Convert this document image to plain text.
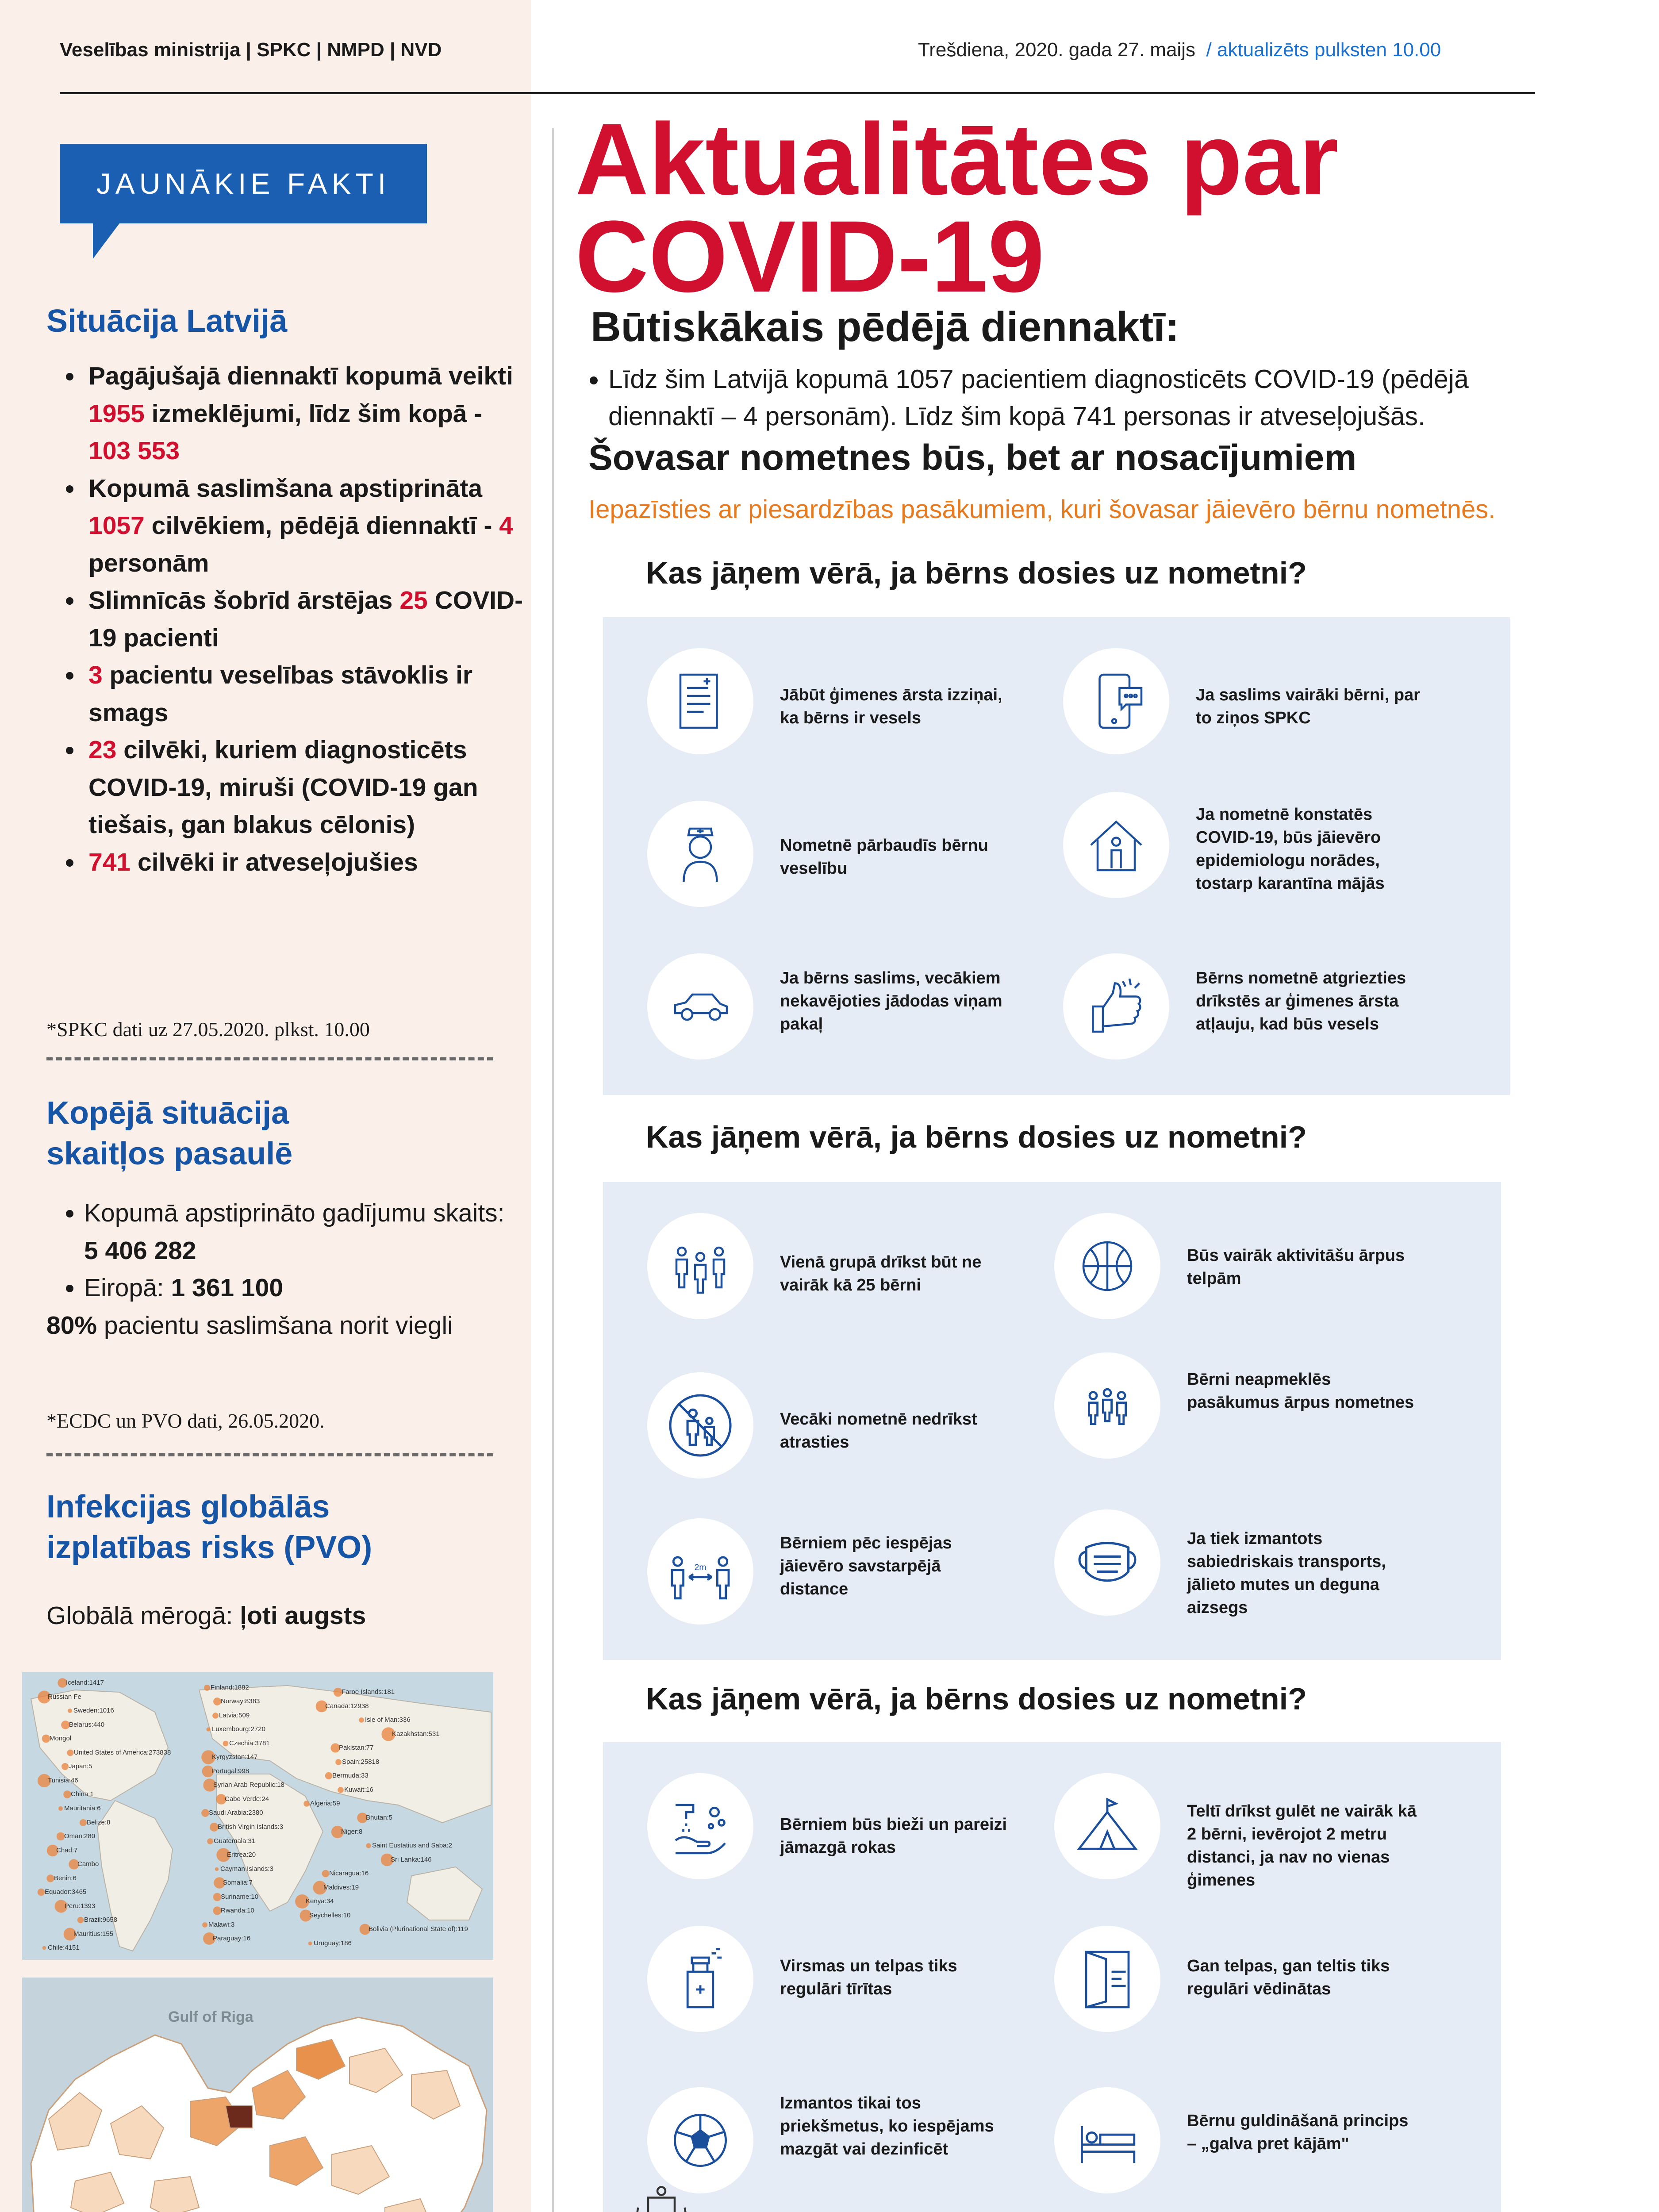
Veselības ministrija | SPKC | NMPD | NVD	Trešdiena, 2020. gada 27. maijs / aktualizēts pulksten 10.00
JAUNĀKIE FAKTI
Situācija Latvijā
• Pagājušajā diennaktī kopumā veikti 1955 izmeklējumi, līdz šim kopā - 103 553
• Kopumā saslimšana apstiprināta 1057 cilvēkiem, pēdējā diennaktī - 4 personām
• Slimnīcās šobrīd ārstējas 25 COVID-19 pacienti
• 3 pacientu veselības stāvoklis ir smags
• 23 cilvēki, kuriem diagnosticēts COVID-19, miruši (COVID-19 gan tiešais, gan blakus cēlonis)
• 741 cilvēki ir atveseļojušies
*SPKC dati uz 27.05.2020. plkst. 10.00
Kopējā situācija
skaitļos pasaulē
• Kopumā apstiprināto gadījumu skaits: 5 406 282
• Eiropā: 1 361 100
80% pacientu saslimšana norit viegli
*ECDC un PVO dati, 26.05.2020.
Infekcijas globālās
izplatības risks (PVO)
Globālā mērogā: ļoti augsts
Iceland:1417
Finland:1882
Faroe Islands:181
Russian Fe
Norway:8383
Canada:12938
Sweden:1016
Latvia:509
Isle of Man:336
Belarus:440
Luxembourg:2720
Kazakhstan:531
Mongol
Czechia:3781
Pakistan:77
United States of America:273838
Kyrgyzstan:147
Spain:25818
Japan:5
Portugal:998
Bermuda:33
Tunisia:46
Syrian Arab Republic:18
Kuwait:16
China:1
Cabo Verde:24
Algeria:59
Mauritania:6
Saudi Arabia:2380
Bhutan:5
Belize:8
British Virgin Islands:3
Niger:8
Oman:280
Guatemala:31
Saint Eustatius and Saba:2
Chad:7
Eritrea:20
Sri Lanka:146
Cambo
Cayman Islands:3
Nicaragua:16
Benin:6
Somalia:7
Maldives:19
Equador:3465
Suriname:10
Kenya:34
Peru:1393
Rwanda:10
Seychelles:10
Brazil:9658
Malawi:3
Bolivia (Plurinational State of):119
Mauritius:155
Paraguay:16
Uruguay:186
Chile:4151
Gulf of Riga
Aktualitātes par
COVID-19
Būtiskākais pēdējā diennaktī:
• Līdz šim Latvijā kopumā 1057 pacientiem diagnosticēts COVID-19 (pēdējā diennaktī – 4 personām). Līdz šim kopā 741 personas ir atveseļojušās.
Šovasar nometnes būs, bet ar nosacījumiem
Iepazīsties ar piesardzības pasākumiem, kuri šovasar jāievēro bērnu nometnēs.
Kas jāņem vērā, ja bērns dosies uz nometni?
Jābūt ģimenes ārsta izziņai, ka bērns ir vesels
Ja saslims vairāki bērni, par to ziņos SPKC
Nometnē pārbaudīs bērnu veselību
Ja nometnē konstatēs COVID-19, būs jāievēro epidemiologu norādes, tostarp karantīna mājās
Ja bērns saslims, vecākiem nekavējoties jādodas viņam pakaļ
Bērns nometnē atgriezties drīkstēs ar ģimenes ārsta atļauju, kad būs vesels
Kas jāņem vērā, ja bērns dosies uz nometni?
Vienā grupā drīkst būt ne vairāk kā 25 bērni
Būs vairāk aktivitāšu ārpus telpām
Vecāki nometnē nedrīkst atrasties
Bērni neapmeklēs pasākumus ārpus nometnes
2m
Bērniem pēc iespējas jāievēro savstarpējā distance
Ja tiek izmantots sabiedriskais transports, jālieto mutes un deguna aizsegs
Kas jāņem vērā, ja bērns dosies uz nometni?
Bērniem būs bieži un pareizi jāmazgā rokas
Teltī drīkst gulēt ne vairāk kā 2 bērni, ievērojot 2 metru distanci, ja nav no vienas ģimenes
Virsmas un telpas tiks regulāri tīrītas
Gan telpas, gan teltis tiks regulāri vēdinātas
Izmantos tikai tos priekšmetus, ko iespējams mazgāt vai dezinficēt
Bērnu guldināšanā princips – „galva pret kājām"
